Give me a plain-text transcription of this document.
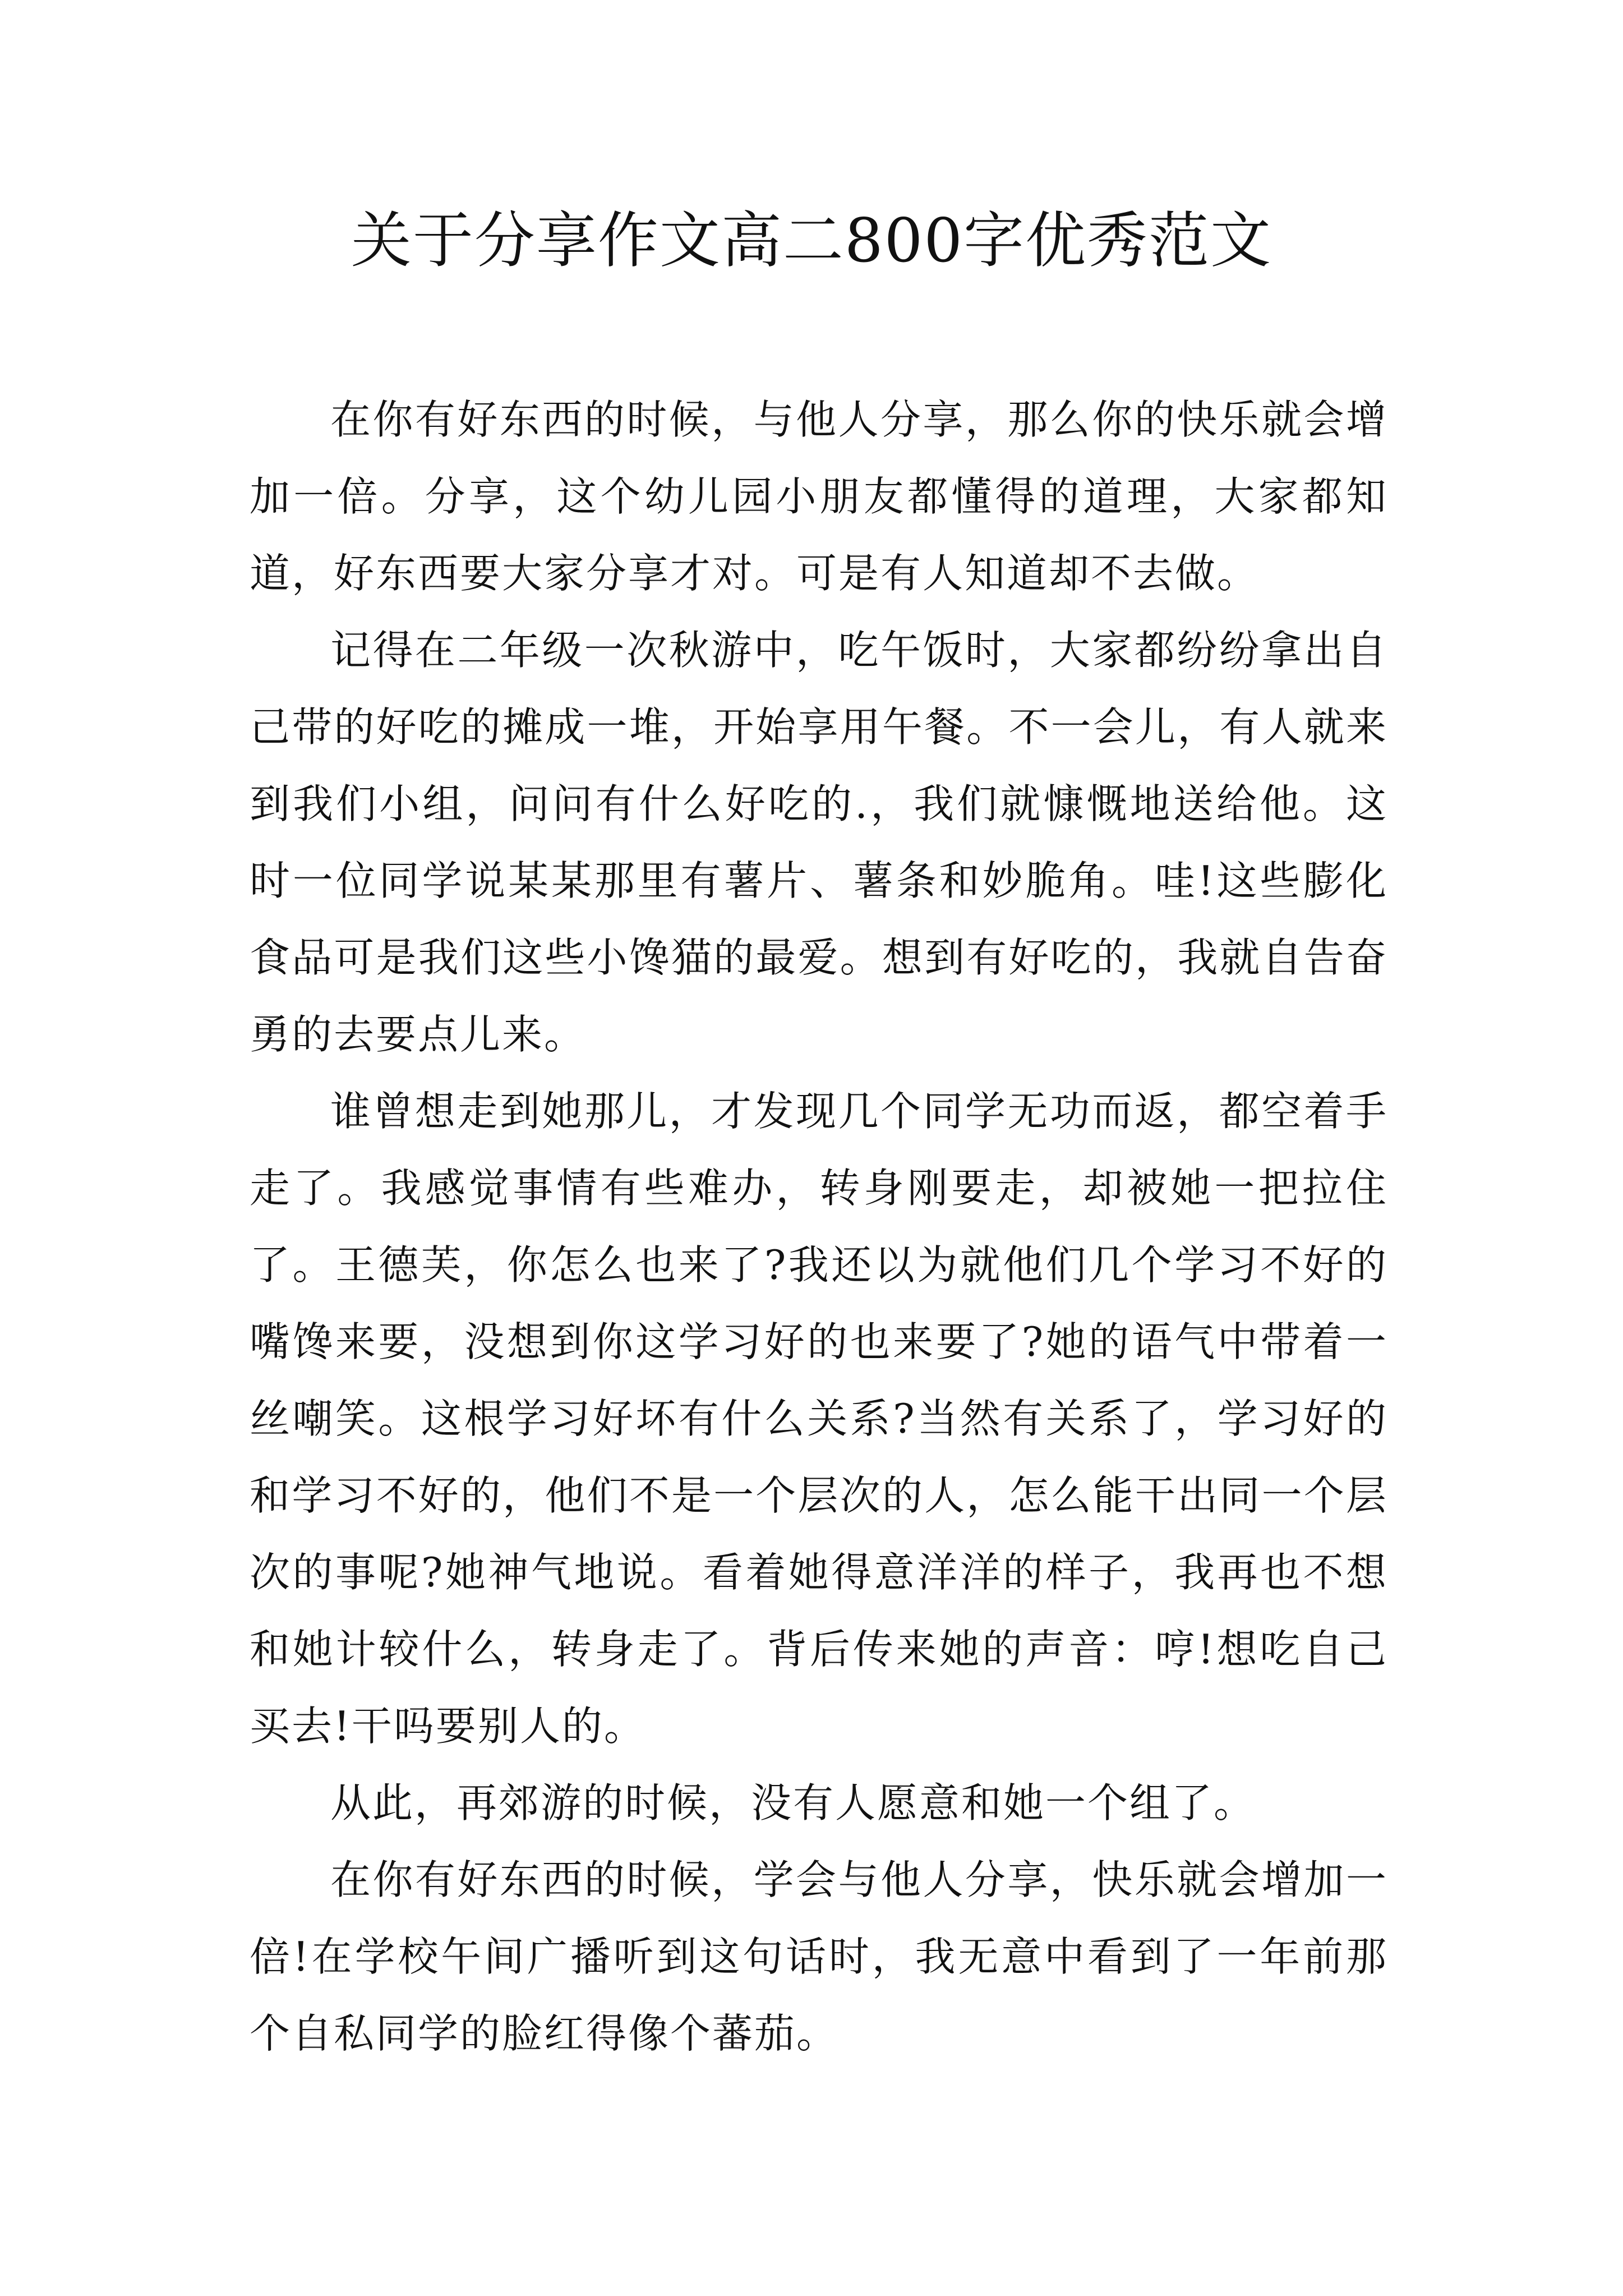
关于分享作文高二800字优秀范文

在你有好东西的时候，与他人分享，那么你的快乐就会增加一倍。分享，这个幼儿园小朋友都懂得的道理，大家都知道，好东西要大家分享才对。可是有人知道却不去做。

记得在二年级一次秋游中，吃午饭时，大家都纷纷拿出自己带的好吃的摊成一堆，开始享用午餐。不一会儿，有人就来到我们小组，问问有什么好吃的.，我们就慷慨地送给他。这时一位同学说某某那里有薯片、薯条和妙脆角。哇!这些膨化食品可是我们这些小馋猫的最爱。想到有好吃的，我就自告奋勇的去要点儿来。

谁曾想走到她那儿，才发现几个同学无功而返，都空着手走了。我感觉事情有些难办，转身刚要走，却被她一把拉住了。王德芙，你怎么也来了?我还以为就他们几个学习不好的嘴馋来要，没想到你这学习好的也来要了?她的语气中带着一丝嘲笑。这根学习好坏有什么关系?当然有关系了，学习好的和学习不好的，他们不是一个层次的人，怎么能干出同一个层次的事呢?她神气地说。看着她得意洋洋的样子，我再也不想和她计较什么，转身走了。背后传来她的声音：哼!想吃自己买去!干吗要别人的。

从此，再郊游的时候，没有人愿意和她一个组了。

在你有好东西的时候，学会与他人分享，快乐就会增加一倍!在学校午间广播听到这句话时，我无意中看到了一年前那个自私同学的脸红得像个蕃茄。
